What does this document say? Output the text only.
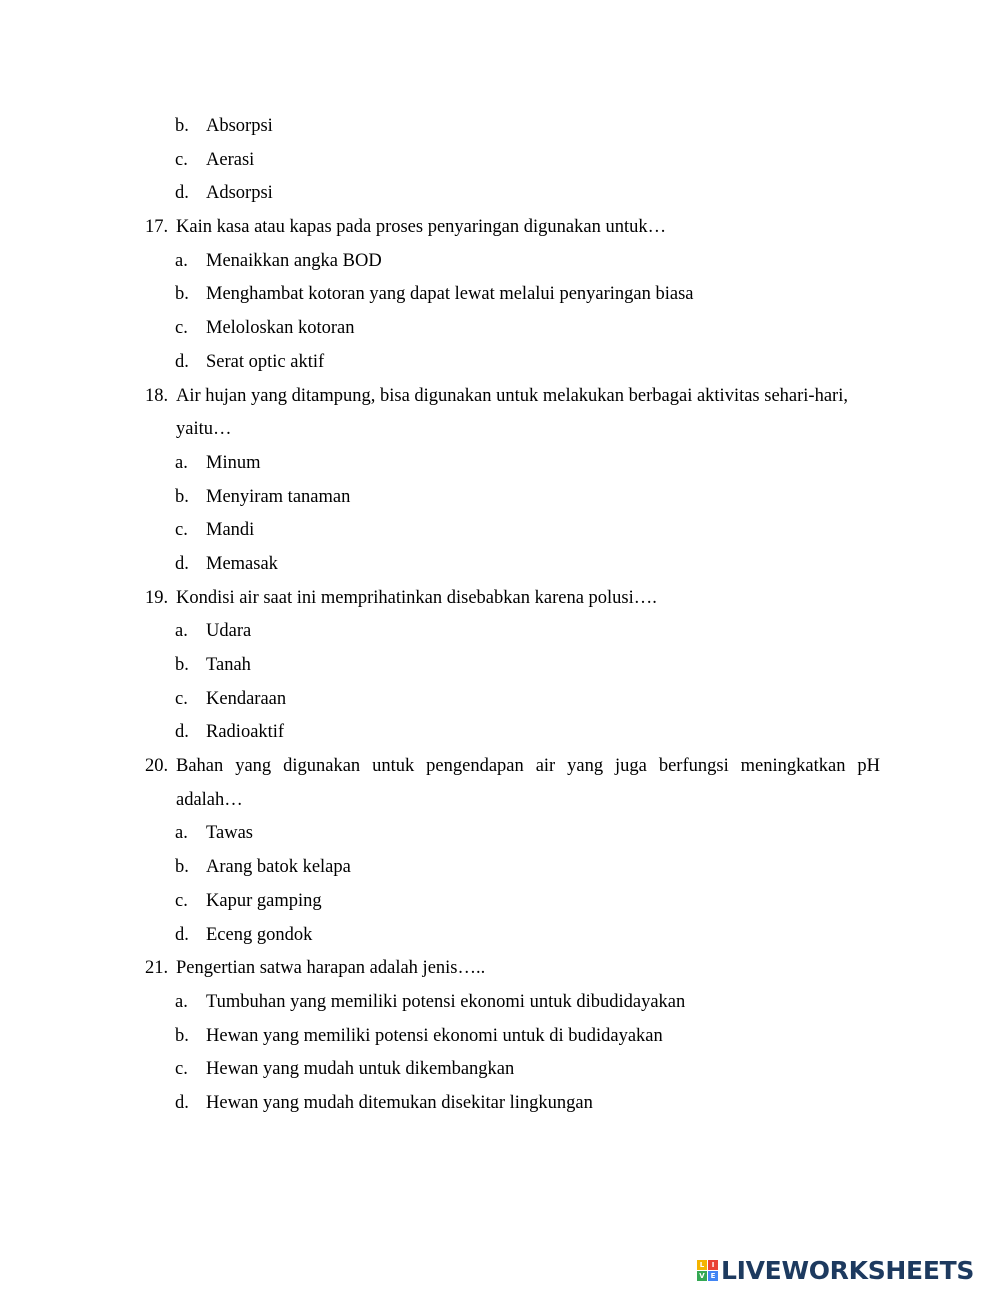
b. Absorpsi
c. Aerasi
d. Adsorpsi
17. Kain kasa atau kapas pada proses penyaringan digunakan untuk…
a. Menaikkan angka BOD
b. Menghambat kotoran yang dapat lewat melalui penyaringan biasa
c. Meloloskan kotoran
d. Serat optic aktif
18. Air hujan yang ditampung, bisa digunakan untuk melakukan berbagai aktivitas sehari-hari,
yaitu…
a. Minum
b. Menyiram tanaman
c. Mandi
d. Memasak
19. Kondisi air saat ini memprihatinkan disebabkan karena polusi….
a. Udara
b. Tanah
c. Kendaraan
d. Radioaktif
20. Bahan yang digunakan untuk pengendapan air yang juga berfungsi meningkatkan pH
adalah…
a. Tawas
b. Arang batok kelapa
c. Kapur gamping
d. Eceng gondok
21. Pengertian satwa harapan adalah jenis…..
a. Tumbuhan yang memiliki potensi ekonomi untuk dibudidayakan
b. Hewan yang memiliki potensi ekonomi untuk di budidayakan
c. Hewan yang mudah untuk dikembangkan
d. Hewan yang mudah ditemukan disekitar lingkungan
L	I
V E LIVEWORKSHEETS
